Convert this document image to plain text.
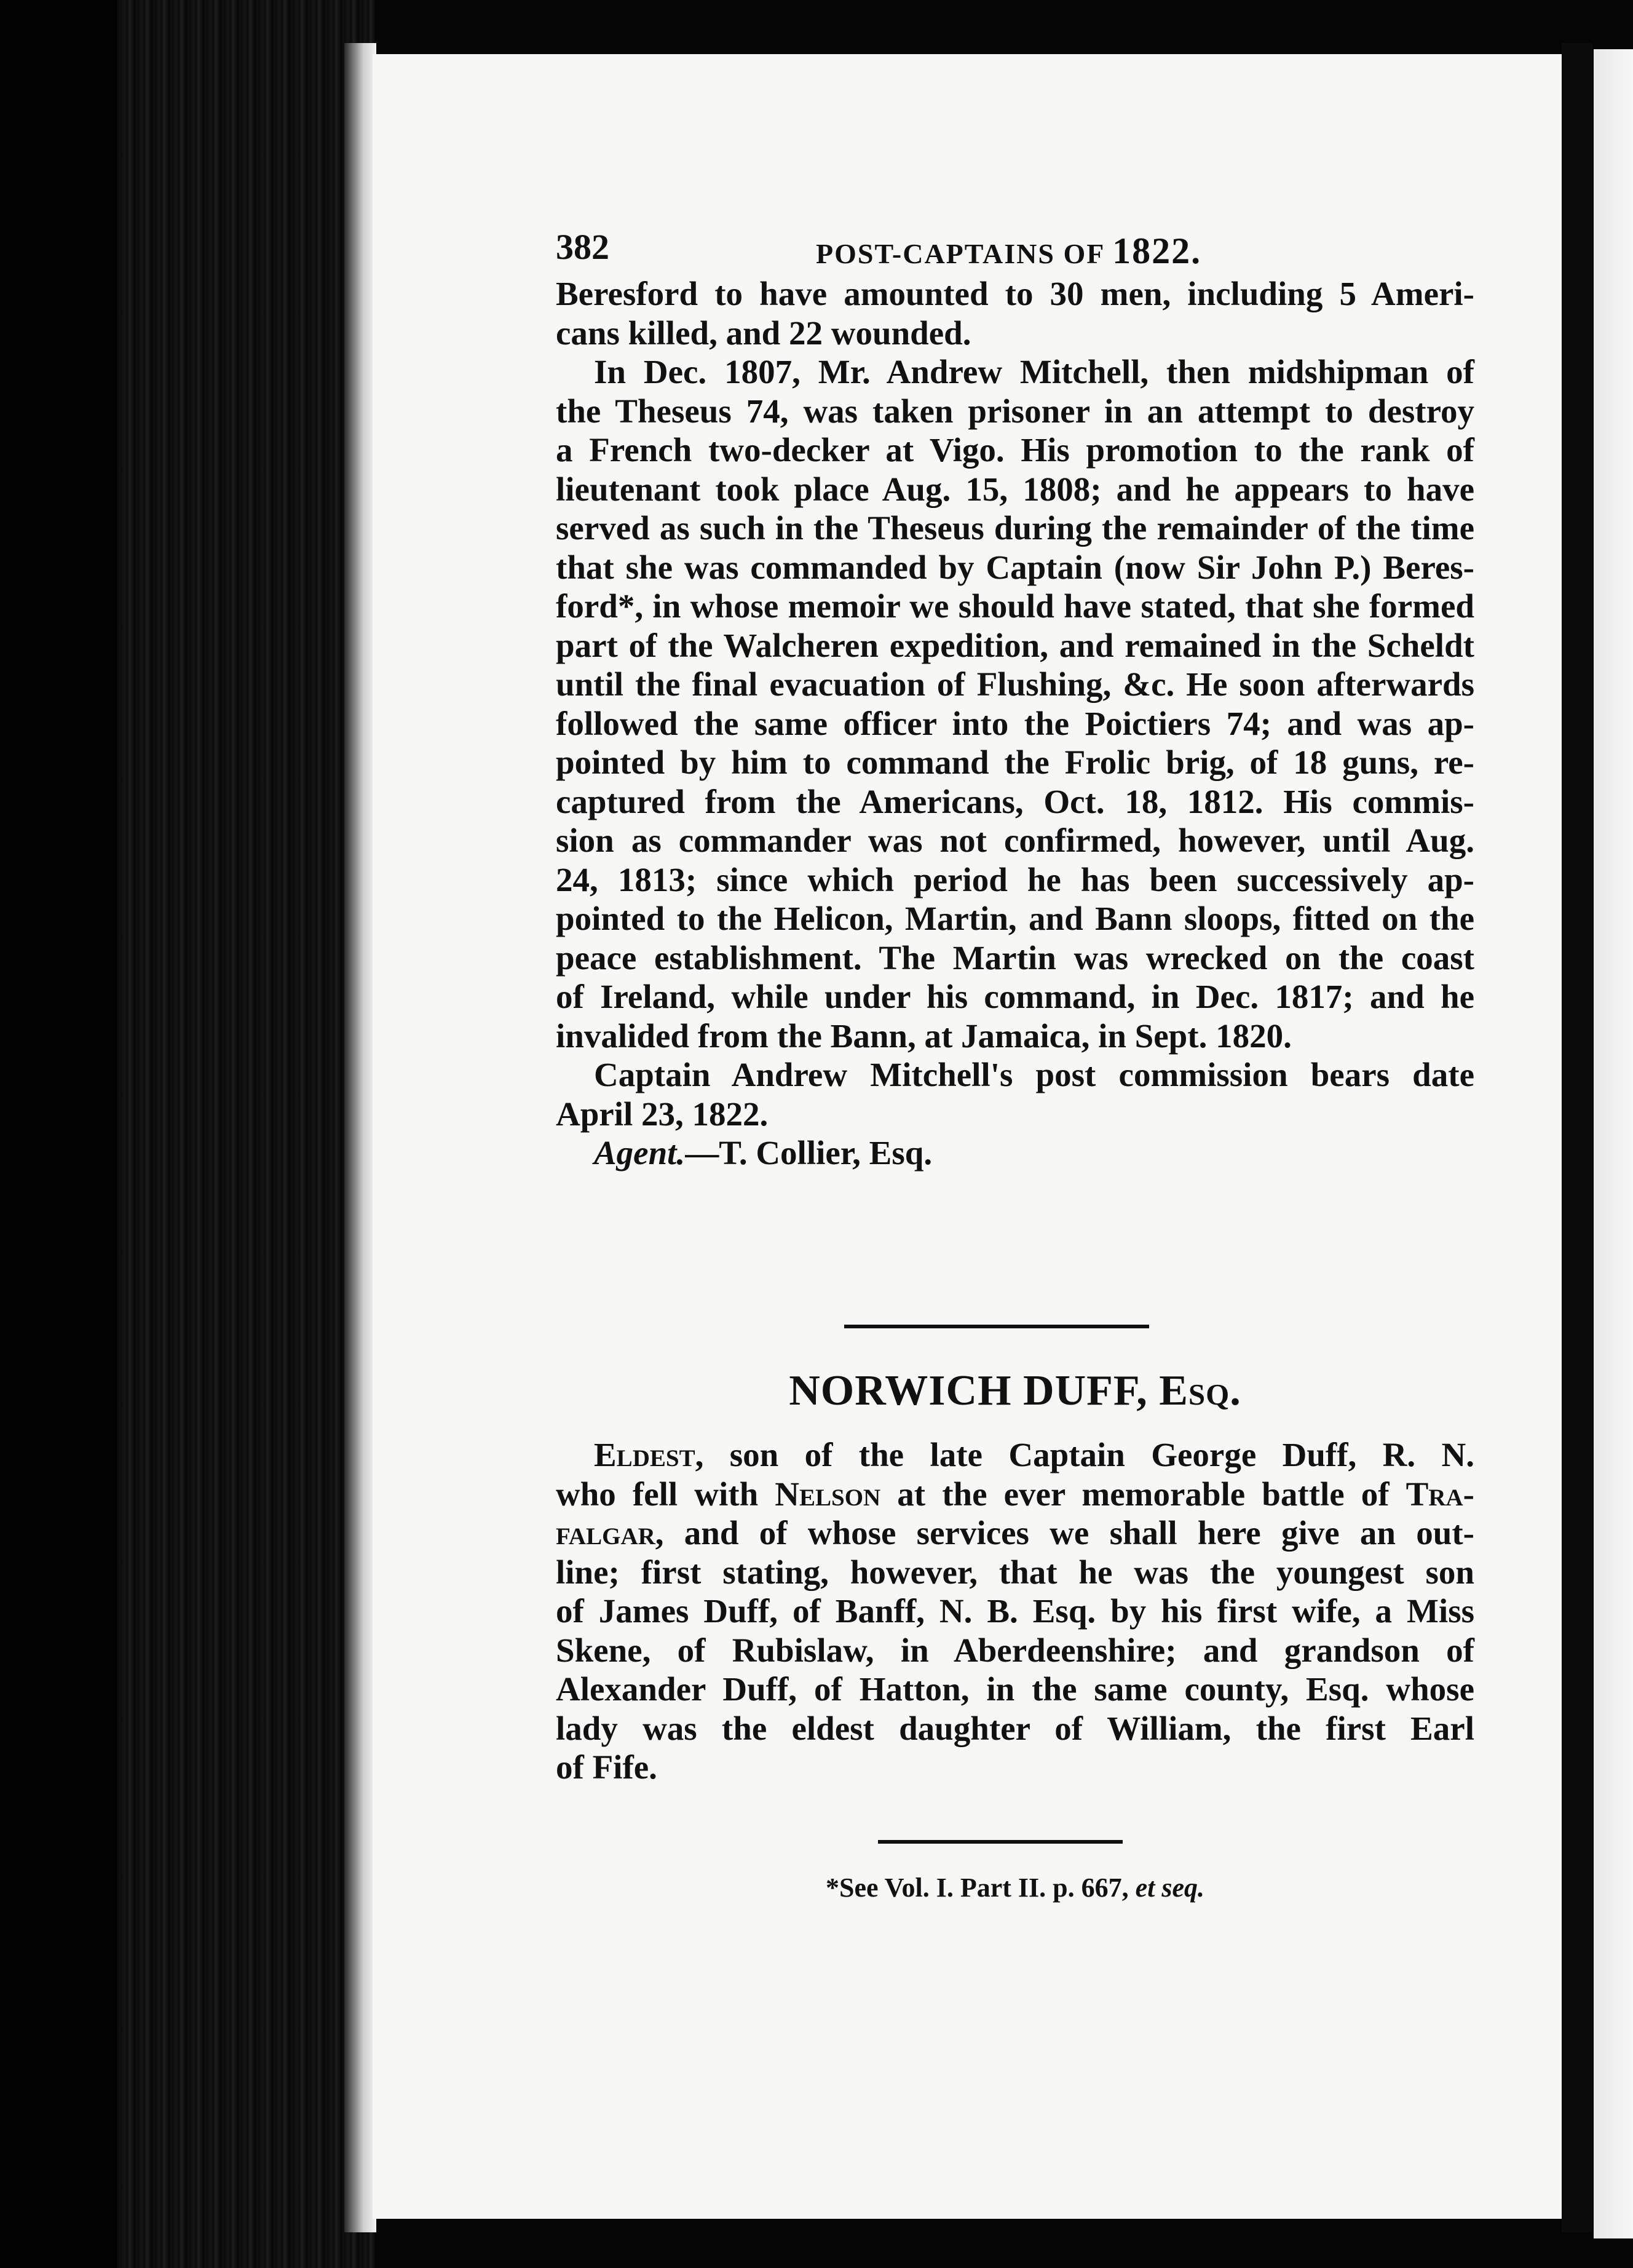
382	POST-CAPTAINS OF 1822.
Beresford to have amounted to 30 men, including 5 Ameri-
cans killed, and 22 wounded.
In Dec. 1807, Mr. Andrew Mitchell, then midshipman of
the Theseus 74, was taken prisoner in an attempt to destroy
a French two-decker at Vigo. His promotion to the rank of
lieutenant took place Aug. 15, 1808; and he appears to have
served as such in the Theseus during the remainder of the time
that she was commanded by Captain (now Sir John P.) Beres-
ford*, in whose memoir we should have stated, that she formed
part of the Walcheren expedition, and remained in the Scheldt
until the final evacuation of Flushing, &c. He soon afterwards
followed the same officer into the Poictiers 74; and was ap-
pointed by him to command the Frolic brig, of 18 guns, re-
captured from the Americans, Oct. 18, 1812. His commis-
sion as commander was not confirmed, however, until Aug.
24, 1813; since which period he has been successively ap-
pointed to the Helicon, Martin, and Bann sloops, fitted on the
peace establishment. The Martin was wrecked on the coast
of Ireland, while under his command, in Dec. 1817; and he
invalided from the Bann, at Jamaica, in Sept. 1820.
Captain Andrew Mitchell's post commission bears date
April 23, 1822.
Agent.—T. Collier, Esq.
NORWICH DUFF, Esq.
Eldest, son of the late Captain George Duff, R. N.
who fell with Nelson at the ever memorable battle of Tra-
falgar, and of whose services we shall here give an out-
line; first stating, however, that he was the youngest son
of James Duff, of Banff, N. B. Esq. by his first wife, a Miss
Skene, of Rubislaw, in Aberdeenshire; and grandson of
Alexander Duff, of Hatton, in the same county, Esq. whose
lady was the eldest daughter of William, the first Earl
of Fife.
*See Vol. I. Part II. p. 667, et seq.
